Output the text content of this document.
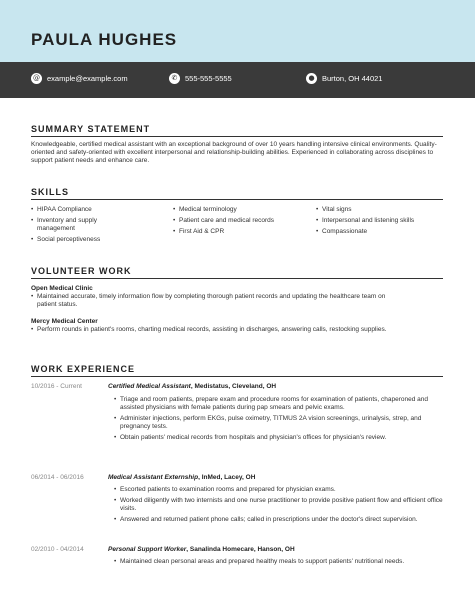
PAULA HUGHES
@ example@example.com	✆	555-555-5555	● Burton, OH 44021
SUMMARY STATEMENT
Knowledgeable, certified medical assistant with an exceptional background of over 10 years handling intensive clinical environments. Quality-oriented and safety-oriented with excellent interpersonal and relationship-building abilities. Experienced in collaborating across disciplines to support patient needs and enhance care.
SKILLS
• HIPAA Compliance
• Inventory and supply management
• Social perceptiveness
• Medical terminology
• Patient care and medical records
• First Aid & CPR
• Vital signs
• Interpersonal and listening skills
• Compassionate
VOLUNTEER WORK
Open Medical Clinic
• Maintained accurate, timely information flow by completing thorough patient records and updating the healthcare team on patient status.
Mercy Medical Center
• Perform rounds in patient's rooms, charting medical records, assisting in discharges, answering calls, restocking supplies.
WORK EXPERIENCE
10/2016 - Current	Certified Medical Assistant, Medistatus, Cleveland, OH
• Triage and room patients, prepare exam and procedure rooms for examination of patients, chaperoned and assisted physicians with female patients during pap smears and pelvic exams.
• Administer injections, perform EKGs, pulse oximetry, TITMUS 2A vision screenings, urinalysis, strep, and pregnancy tests.
• Obtain patients' medical records from hospitals and physician's offices for physician's review.
06/2014 - 06/2016	Medical Assistant Externship, InMed, Lacey, OH
• Escorted patients to examination rooms and prepared for physician exams.
• Worked diligently with two internists and one nurse practitioner to provide positive patient flow and efficient office visits.
• Answered and returned patient phone calls; called in prescriptions under the doctor's direct supervision.
02/2010 - 04/2014	Personal Support Worker, Sanalinda Homecare, Hanson, OH
• Maintained clean personal areas and prepared healthy meals to support patients' nutritional needs.
